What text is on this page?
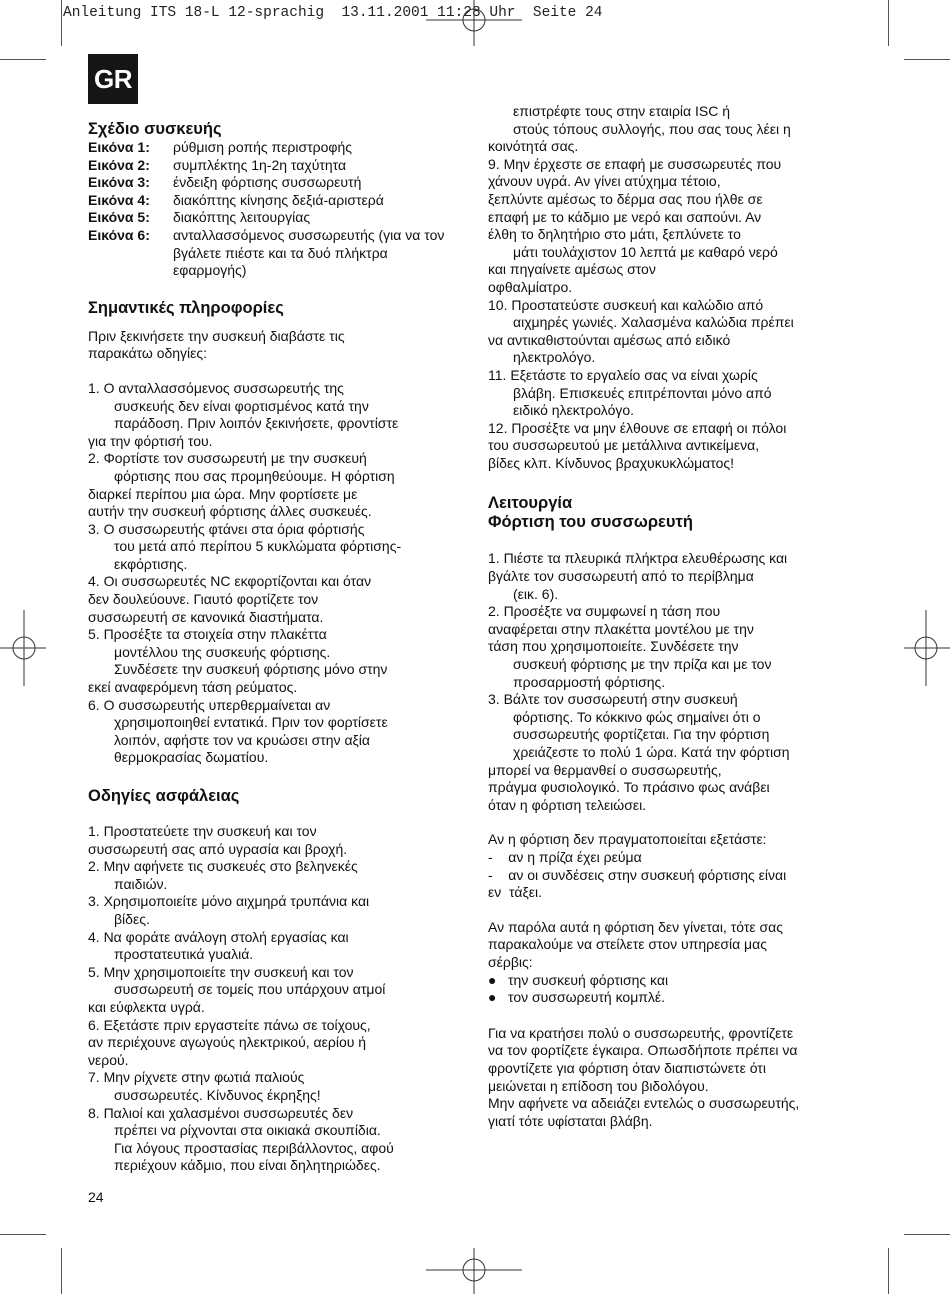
Anleitung ITS 18-L 12-sprachig  13.11.2001 11:28 Uhr  Seite 24
GR
Σχέδιο συσκευής
Εικόνα 1:	ρύθμιση ροπής περιστροφής
Εικόνα 2:	συμπλέκτης 1η-2η ταχύτητα
Εικόνα 3:	ένδειξη φόρτισης συσσωρευτή
Εικόνα 4:	διακόπτης κίνησης δεξιά-αριστερά
Εικόνα 5:	διακόπτης λειτουργίας
Εικόνα 6:	ανταλλασσόμενος συσσωρευτής (για να τον βγάλετε πιέστε και τα δυό πλήκτρα εφαρμογής)
Σημαντικές πληροφορίες

Πριν ξεκινήσετε την συσκευή διαβάστε τις

παρακάτω οδηγίες:

1. Ο ανταλλασσόμενος συσσωρευτής της

συσκευής δεν είναι φορτισμένος κατά την

παράδοση. Πριν λοιπόν ξεκινήσετε, φροντίστε

για την φόρτισή του.

2. Φορτίστε τον συσσωρευτή με την συσκευή

φόρτισης που σας προμηθεύουμε. Η φόρτιση

διαρκεί περίπου μια ώρα. Μην φορτίσετε με

αυτήν την συσκευή φόρτισης άλλες συσκευές.

3. Ο συσσωρευτής φτάνει στα όρια φόρτισής

του μετά από περίπου 5 κυκλώματα φόρτισης-

εκφόρτισης.

4. Οι συσσωρευτές NC εκφορτίζονται και όταν

δεν δουλεύουνε. Γιαυτό φορτίζετε τον

συσσωρευτή σε κανονικά διαστήματα.

5. Προσέξτε τα στοιχεία στην πλακέττα

μοντέλλου της συσκευής φόρτισης.

Συνδέσετε την συσκευή φόρτισης μόνο στην

εκεί αναφερόμενη τάση ρεύματος.

6. Ο συσσωρευτής υπερθερμαίνεται αν

χρησιμοποιηθεί εντατικά. Πριν τον φορτίσετε

λοιπόν, αφήστε τον να κρυώσει στην αξία

θερμοκρασίας δωματίου.

Οδηγίες ασφάλειας

1. Προστατεύετε την συσκευή και τον

συσσωρευτή σας από υγρασία και βροχή.

2. Μην αφήνετε τις συσκευές στο βεληνεκές

παιδιών.

3. Χρησιμοποιείτε μόνο αιχμηρά τρυπάνια και

βίδες.

4. Να φοράτε ανάλογη στολή εργασίας και

προστατευτικά γυαλιά.

5. Μην χρησιμοποιείτε την συσκευή και τον

συσσωρευτή σε τομείς που υπάρχουν ατμοί

και εύφλεκτα υγρά.

6. Εξετάστε πριν εργαστείτε πάνω σε τοίχους,

αν περιέχουνε αγωγούς ηλεκτρικού, αερίου ή

νερού.

7. Μην ρίχνετε στην φωτιά παλιούς

συσσωρευτές. Κίνδυνος έκρηξης!

8. Παλιοί και χαλασμένοι συσσωρευτές δεν

πρέπει να ρίχνονται στα οικιακά σκουπίδια.

Για λόγους προστασίας περιβάλλοντος, αφού

περιέχουν κάδμιο, που είναι δηλητηριώδες.

επιστρέφτε τους στην εταιρία ISC ή

στούς τόπους συλλογής, που σας τους λέει η

κοινότητά σας.

9. Μην έρχεστε σε επαφή με συσσωρευτές που

χάνουν υγρά. Αν γίνει ατύχημα τέτοιο,

ξεπλύντε αμέσως το δέρμα σας που ήλθε σε

επαφή με το κάδμιο με νερό και σαπούνι. Αν

έλθη το δηλητήριο στο μάτι, ξεπλύνετε το

μάτι τουλάχιστον 10 λεπτά με καθαρό νερό

και πηγαίνετε αμέσως στον

οφθαλμίατρο.

10. Προστατεύστε συσκευή και καλώδιο από

αιχμηρές γωνιές. Χαλασμένα καλώδια πρέπει

να αντικαθιστούνται αμέσως από ειδικό

ηλεκτρολόγο.

11. Εξετάστε το εργαλείο σας να είναι χωρίς

βλάβη. Επισκευές επιτρέπονται μόνο από

ειδικό ηλεκτρολόγο.

12. Προσέξτε να μην έλθουνε σε επαφή οι πόλοι

του συσσωρευτού με μετάλλινα αντικείμενα,

βίδες κλπ. Κίνδυνος βραχυκυκλώματος!

Λειτουργία
Φόρτιση του συσσωρευτή

1. Πιέστε τα πλευρικά πλήκτρα ελευθέρωσης και

βγάλτε τον συσσωρευτή από το περίβλημα

(εικ. 6).

2. Προσέξτε να συμφωνεί η τάση που

αναφέρεται στην πλακέττα μοντέλου με την

τάση που χρησιμοποιείτε. Συνδέσετε την

συσκευή φόρτισης με την πρίζα και με τον

προσαρμοστή φόρτισης.

3. Βάλτε τον συσσωρευτή στην συσκευή

φόρτισης. Το κόκκινο φώς σημαίνει ότι ο

συσσωρευτής φορτίζεται. Για την φόρτιση

χρειάζεστε το πολύ 1 ώρα. Κατά την φόρτιση

μπορεί να θερμανθεί ο συσσωρευτής,

πράγμα φυσιολογικό. Το πράσινο φως ανάβει

όταν η φόρτιση τελειώσει.

Αν η φόρτιση δεν πραγματοποιείται εξετάστε:

-    αν η πρίζα έχει ρεύμα

-    αν οι συνδέσεις στην συσκευή φόρτισης είναι

εν  τάξει.

Αν παρόλα αυτά η φόρτιση δεν γίνεται, τότε σας

παρακαλούμε να στείλετε στον υπηρεσία μας

σέρβις:

● την συσκευή φόρτισης και
● τον συσσωρευτή κομπλέ.

Για να κρατήσει πολύ ο συσσωρευτής, φροντίζετε

να τον φορτίζετε έγκαιρα. Οπωσδήποτε πρέπει να

φροντίζετε για φόρτιση όταν διαπιστώνετε ότι

μειώνεται η επίδοση του βιδολόγου.

Μην αφήνετε να αδειάζει εντελώς ο συσσωρευτής,

γιατί τότε υφίσταται βλάβη.

24
